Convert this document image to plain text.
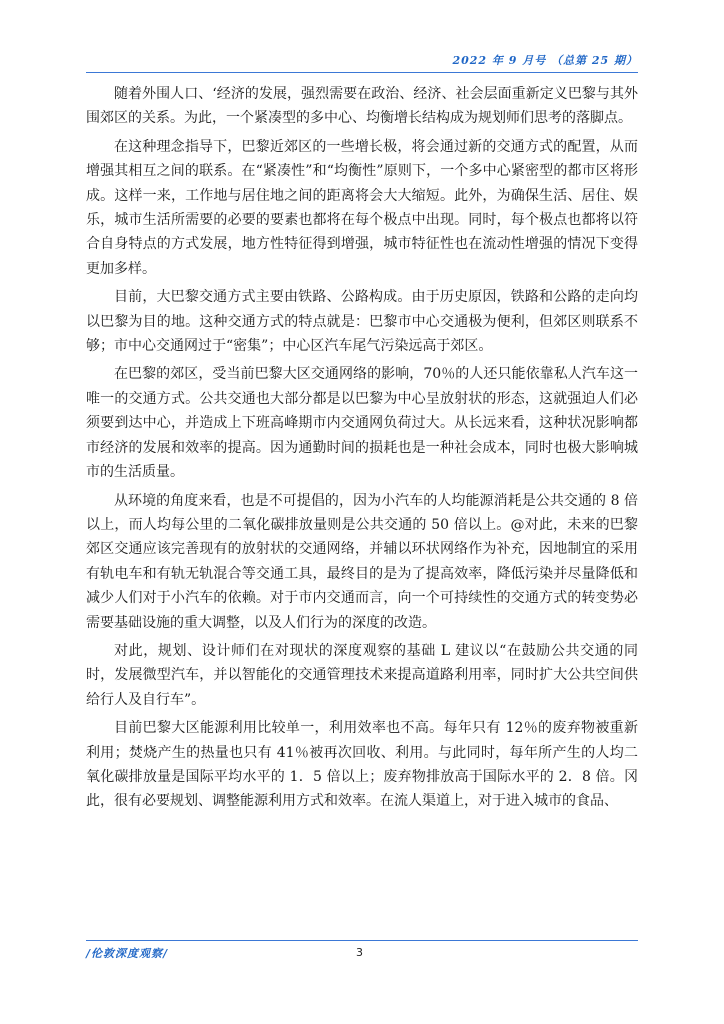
2022 年 9 月号 （总第 25 期）

随着外围人口、‘经济的发展，强烈需要在政治、经济、社会层面重新定义巴黎与其外围郊区的关系。为此，一个紧凑型的多中心、均衡增长结构成为规划师们思考的落脚点。

在这种理念指导下，巴黎近郊区的一些增长极，将会通过新的交通方式的配置，从而增强其相互之间的联系。在“紧凑性”和“均衡性”原则下，一个多中心紧密型的都市区将形成。这样一来，工作地与居住地之间的距离将会大大缩短。此外，为确保生活、居住、娱乐，城市生活所需要的必要的要素也都将在每个极点中出现。同时，每个极点也都将以符合自身特点的方式发展，地方性特征得到增强，城市特征性也在流动性增强的情况下变得更加多样。

目前，大巴黎交通方式主要由铁路、公路构成。由于历史原因，铁路和公路的走向均以巴黎为目的地。这种交通方式的特点就是：巴黎市中心交通极为便利，但郊区则联系不够；市中心交通网过于“密集”；中心区汽车尾气污染远高于郊区。

在巴黎的郊区，受当前巴黎大区交通网络的影响，70％的人还只能依靠私人汽车这一唯一的交通方式。公共交通也大部分都是以巴黎为中心呈放射状的形态，这就强迫人们必须要到达中心，并造成上下班高峰期市内交通网负荷过大。从长远来看，这种状况影响都市经济的发展和效率的提高。因为通勤时间的损耗也是一种社会成本，同时也极大影响城市的生活质量。

从环境的角度来看，也是不可提倡的，因为小汽车的人均能源消耗是公共交通的 8 倍以上，而人均每公里的二氧化碳排放量则是公共交通的 50 倍以上。@对此，未来的巴黎郊区交通应该完善现有的放射状的交通网络，并辅以环状网络作为补充，因地制宜的采用有轨电车和有轨无轨混合等交通工具，最终目的是为了提高效率，降低污染并尽量降低和减少人们对于小汽车的依赖。对于市内交通而言，向一个可持续性的交通方式的转变势必需要基础设施的重大调整，以及人们行为的深度的改造。

对此，规划、设计师们在对现状的深度观察的基础 L 建议以“在鼓励公共交通的同时，发展微型汽车，并以智能化的交通管理技术来提高道路利用率，同时扩大公共空间供给行人及自行车”。

目前巴黎大区能源利用比较单一，利用效率也不高。每年只有 12％的废弃物被重新利用；焚烧产生的热量也只有 41％被再次回收、利用。与此同时，每年所产生的人均二氧化碳排放量是国际平均水平的 1．5 倍以上；废弃物排放高于国际水平的 2．8 倍。冈此，很有必要规划、调整能源利用方式和效率。在流人渠道上，对于进入城市的食品、

/伦敦深度观察/	3
